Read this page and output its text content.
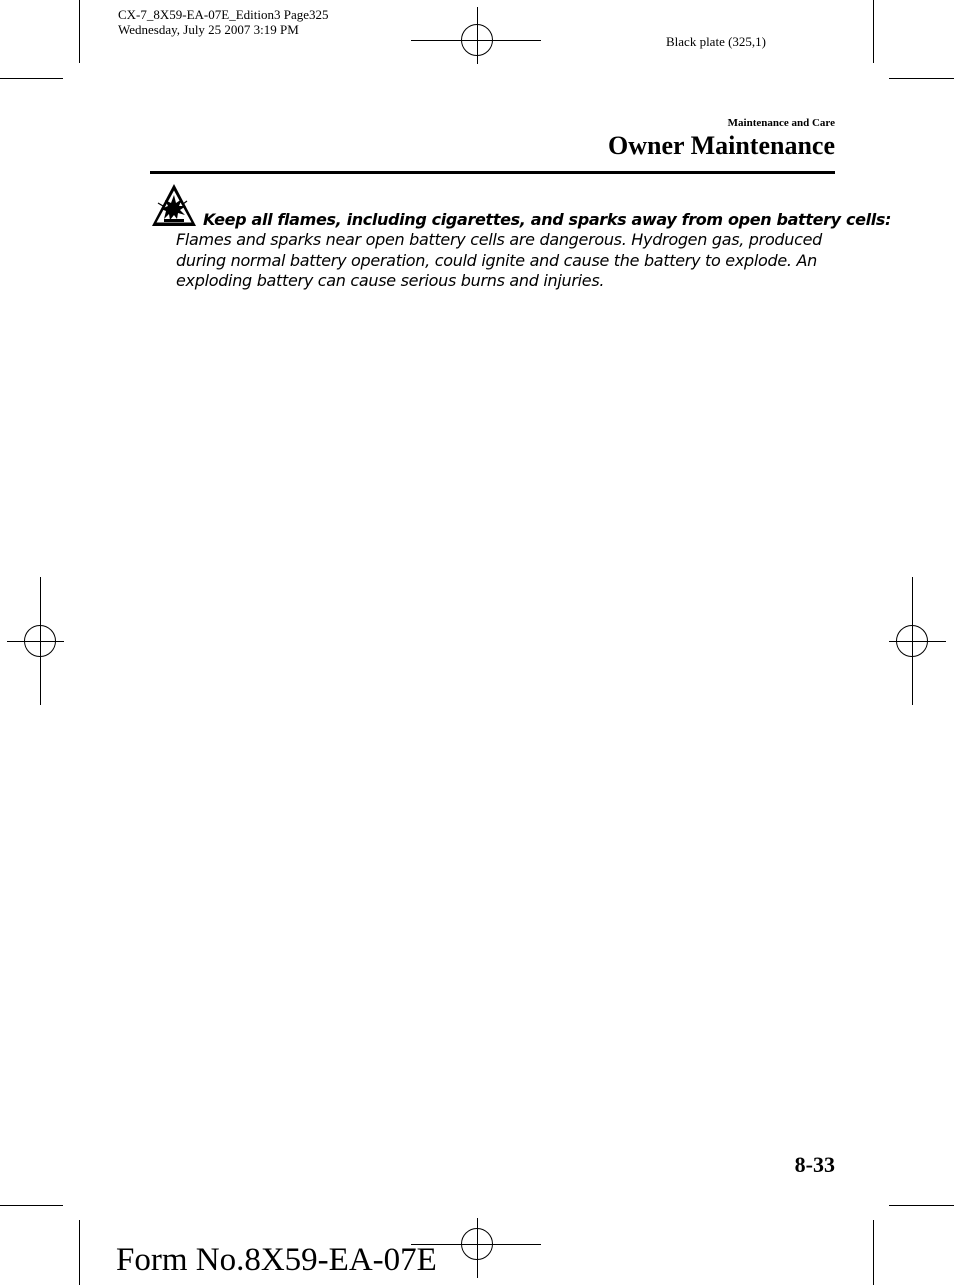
CX-7_8X59-EA-07E_Edition3 Page325
Wednesday, July 25 2007 3:19 PM
Black plate (325,1)
Maintenance and Care
Owner Maintenance
Keep all flames, including cigarettes, and sparks away from open battery cells:
Flames and sparks near open battery cells are dangerous. Hydrogen gas, produced
during normal battery operation, could ignite and cause the battery to explode. An
exploding battery can cause serious burns and injuries.
8-33
Form No.8X59-EA-07E
